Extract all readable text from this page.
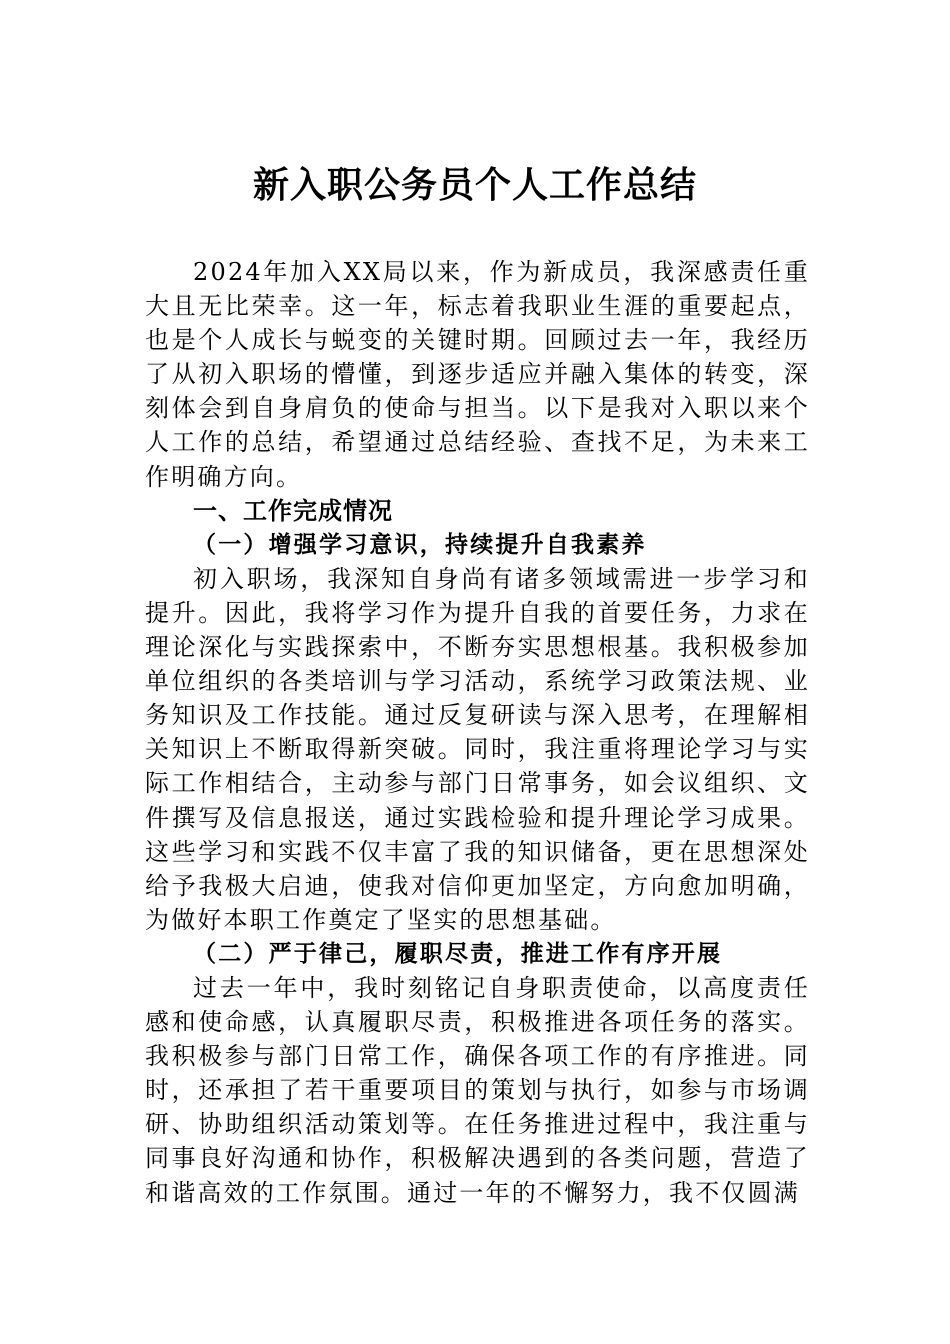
新入职公务员个人工作总结

2024年加入XX局以来，作为新成员，我深感责任重大且无比荣幸。这一年，标志着我职业生涯的重要起点，也是个人成长与蜕变的关键时期。回顾过去一年，我经历了从初入职场的懵懂，到逐步适应并融入集体的转变，深刻体会到自身肩负的使命与担当。以下是我对入职以来个人工作的总结，希望通过总结经验、查找不足，为未来工作明确方向。

一、工作完成情况

（一）增强学习意识，持续提升自我素养

初入职场，我深知自身尚有诸多领域需进一步学习和提升。因此，我将学习作为提升自我的首要任务，力求在理论深化与实践探索中，不断夯实思想根基。我积极参加单位组织的各类培训与学习活动，系统学习政策法规、业务知识及工作技能。通过反复研读与深入思考，在理解相关知识上不断取得新突破。同时，我注重将理论学习与实际工作相结合，主动参与部门日常事务，如会议组织、文件撰写及信息报送，通过实践检验和提升理论学习成果。这些学习和实践不仅丰富了我的知识储备，更在思想深处给予我极大启迪，使我对信仰更加坚定，方向愈加明确，为做好本职工作奠定了坚实的思想基础。

（二）严于律己，履职尽责，推进工作有序开展

过去一年中，我时刻铭记自身职责使命，以高度责任感和使命感，认真履职尽责，积极推进各项任务的落实。我积极参与部门日常工作，确保各项工作的有序推进。同时，还承担了若干重要项目的策划与执行，如参与市场调研、协助组织活动策划等。在任务推进过程中，我注重与同事良好沟通和协作，积极解决遇到的各类问题，营造了和谐高效的工作氛围。通过一年的不懈努力，我不仅圆满
